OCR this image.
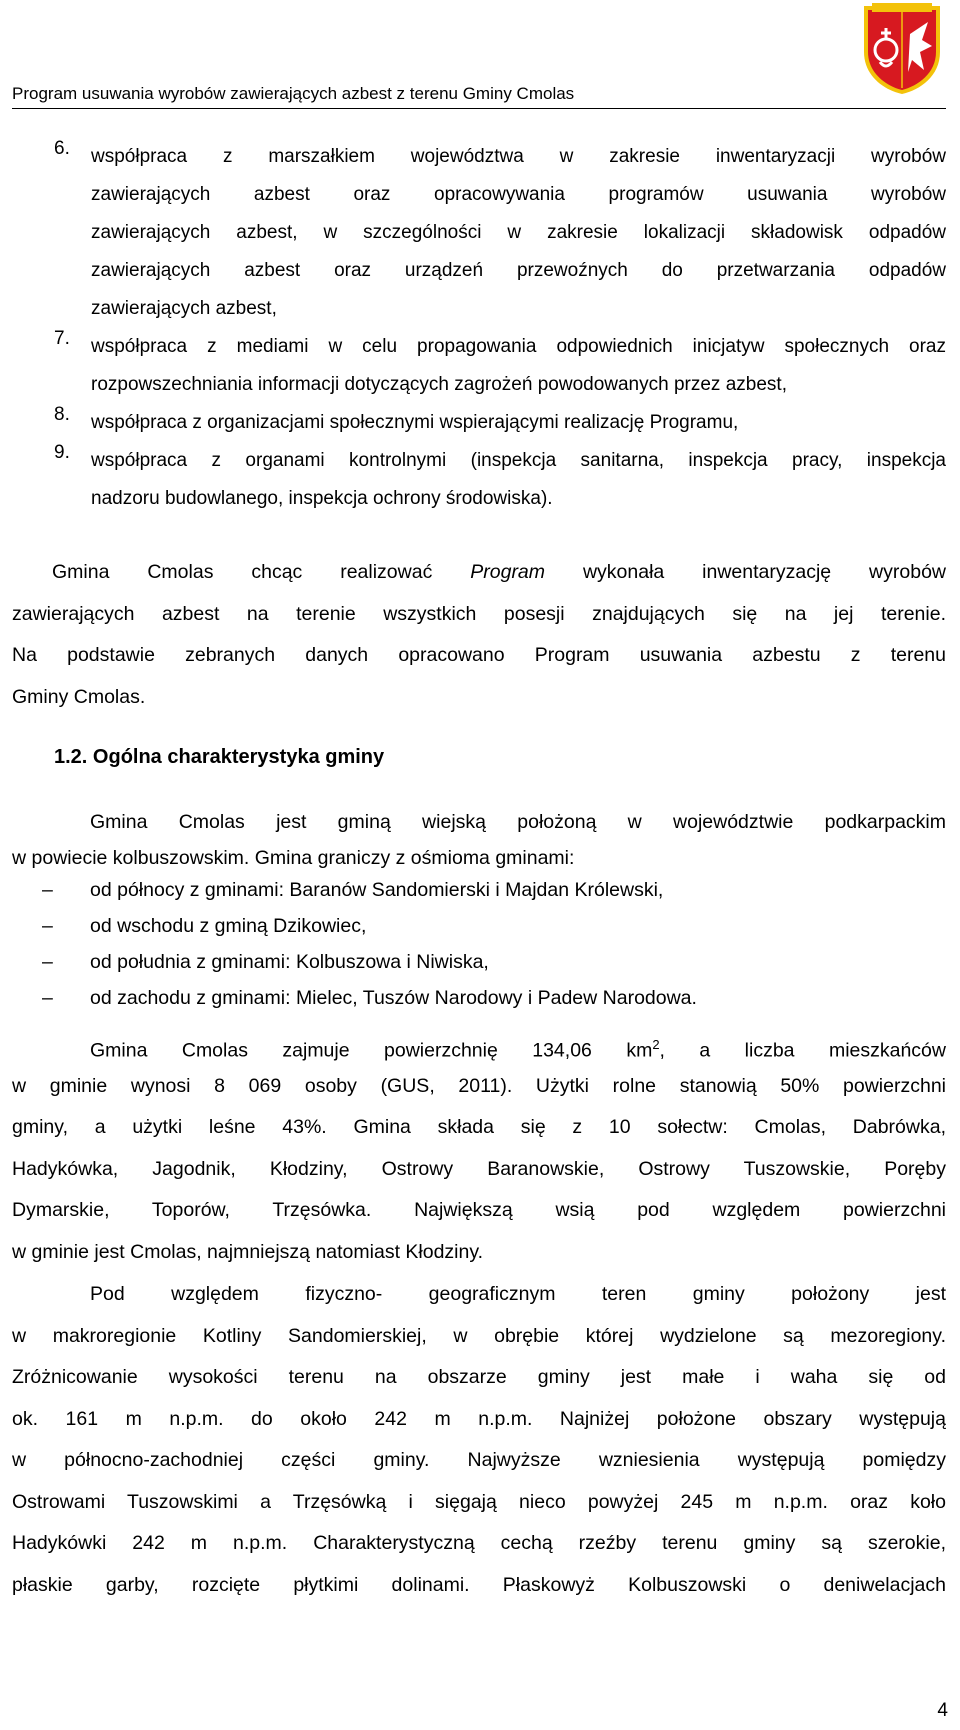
Program usuwania wyrobów zawierających azbest z terenu Gminy Cmolas
6. współpraca z marszałkiem województwa w zakresie inwentaryzacji wyrobów
zawierających azbest oraz opracowywania programów usuwania wyrobów
zawierających azbest, w szczególności w zakresie lokalizacji składowisk odpadów
zawierających azbest oraz urządzeń przewoźnych do przetwarzania odpadów
zawierających azbest,
7. współpraca z mediami w celu propagowania odpowiednich inicjatyw społecznych oraz
rozpowszechniania informacji dotyczących zagrożeń powodowanych przez azbest,
8. współpraca z organizacjami społecznymi wspierającymi realizację Programu,
9. współpraca z organami kontrolnymi (inspekcja sanitarna, inspekcja pracy, inspekcja
nadzoru budowlanego, inspekcja ochrony środowiska).
Gmina Cmolas chcąc realizować Program wykonała inwentaryzację wyrobów
zawierających azbest na terenie wszystkich posesji znajdujących się na jej terenie.
Na podstawie zebranych danych opracowano Program usuwania azbestu z terenu
Gminy Cmolas.
1.2. Ogólna charakterystyka gminy
Gmina Cmolas jest gminą wiejską położoną w województwie podkarpackim
w powiecie kolbuszowskim. Gmina graniczy z ośmioma gminami:
– od północy z gminami: Baranów Sandomierski i Majdan Królewski,
– od wschodu z gminą Dzikowiec,
– od południa z gminami: Kolbuszowa i Niwiska,
– od zachodu z gminami: Mielec, Tuszów Narodowy i Padew Narodowa.
Gmina Cmolas zajmuje powierzchnię 134,06 $km^2$, a liczba mieszkańców
w gminie wynosi 8 069 osoby (GUS, 2011). Użytki rolne stanowią 50% powierzchni
gminy, a użytki leśne 43%. Gmina składa się z 10 sołectw: Cmolas, Dabrówka,
Hadykówka, Jagodnik, Kłodziny, Ostrowy Baranowskie, Ostrowy Tuszowskie, Poręby
Dymarskie, Toporów, Trzęsówka. Największą wsią pod względem powierzchni
w gminie jest Cmolas, najmniejszą natomiast Kłodziny.
Pod względem fizyczno- geograficznym teren gminy położony jest
w makroregionie Kotliny Sandomierskiej, w obrębie której wydzielone są mezoregiony.
Zróżnicowanie wysokości terenu na obszarze gminy jest małe i waha się od
ok. 161 m n.p.m. do około 242 m n.p.m. Najniżej położone obszary występują
w północno-zachodniej części gminy. Najwyższe wzniesienia występują pomiędzy
Ostrowami Tuszowskimi a Trzęsówką i sięgają nieco powyżej 245 m n.p.m. oraz koło
Hadykówki 242 m n.p.m. Charakterystyczną cechą rzeźby terenu gminy są szerokie,
płaskie garby, rozcięte płytkimi dolinami. Płaskowyż Kolbuszowski o deniwelacjach
4
